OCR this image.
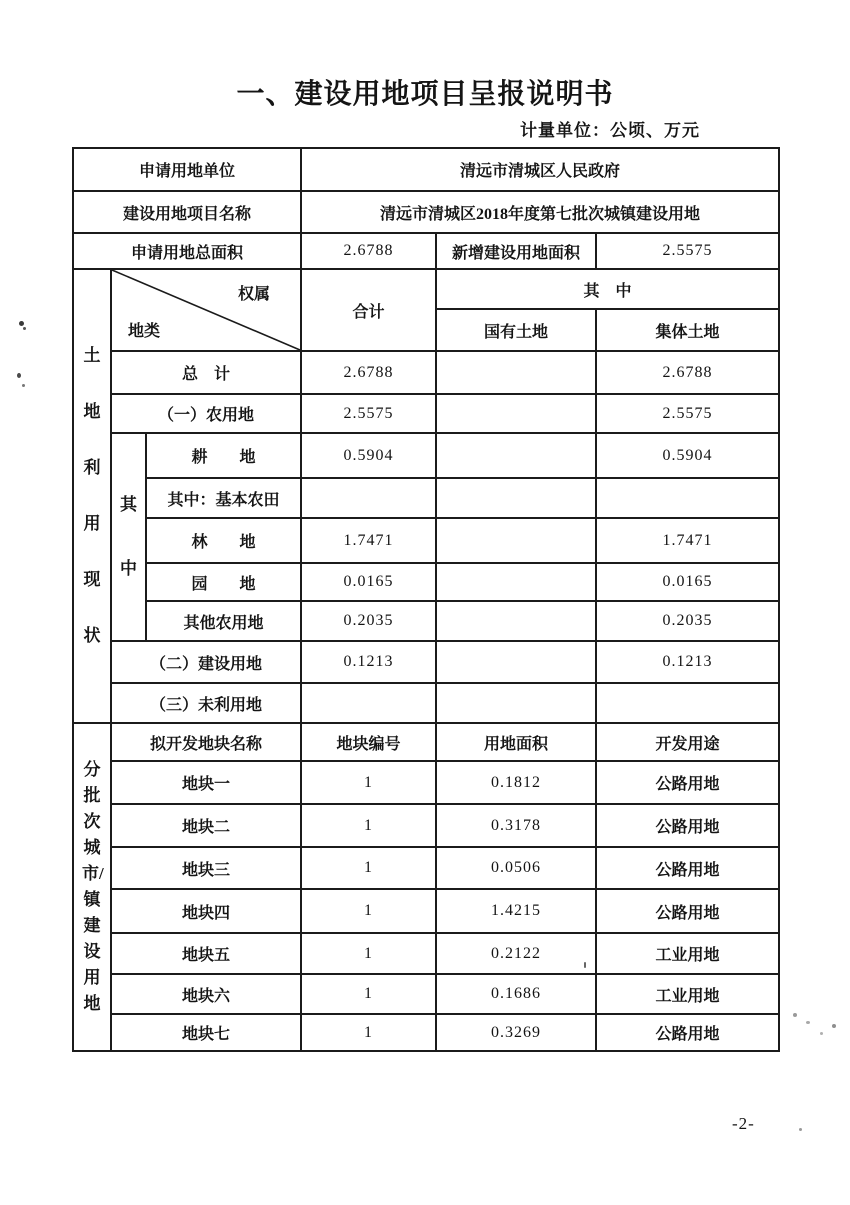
一、建设用地项目呈报说明书
计量单位：公顷、万元
申请用地单位			清远市清城区人民政府		
建设用地项目名称			清远市清城区2018年度第七批次城镇建设用地		
申请用地总面积			2.6788	新增建设用地面积	2.5575

土地利用现状	权属
地类		合计	其　中	
				国有土地	集体土地
	总　计		2.6788		2.6788
	（一）农用地		2.5575		2.5575

	其中	耕　　地	0.5904		0.5904
		其中：基本农田			
		林　　地	1.7471		1.7471
		园　　地	0.0165		0.0165
		其他农用地	0.2035		0.2035
	（二）建设用地		0.1213		0.1213
	（三）未利用地				

分批次城市/镇建设用地	拟开发地块名称		地块编号	用地面积	开发用途
	地块一		1	0.1812	公路用地
	地块二		1	0.3178	公路用地
	地块三		1	0.0506	公路用地
	地块四		1	1.4215	公路用地
	地块五		1	0.2122	工业用地
	地块六		1	0.1686	工业用地
	地块七		1	0.3269	公路用地
-2-
